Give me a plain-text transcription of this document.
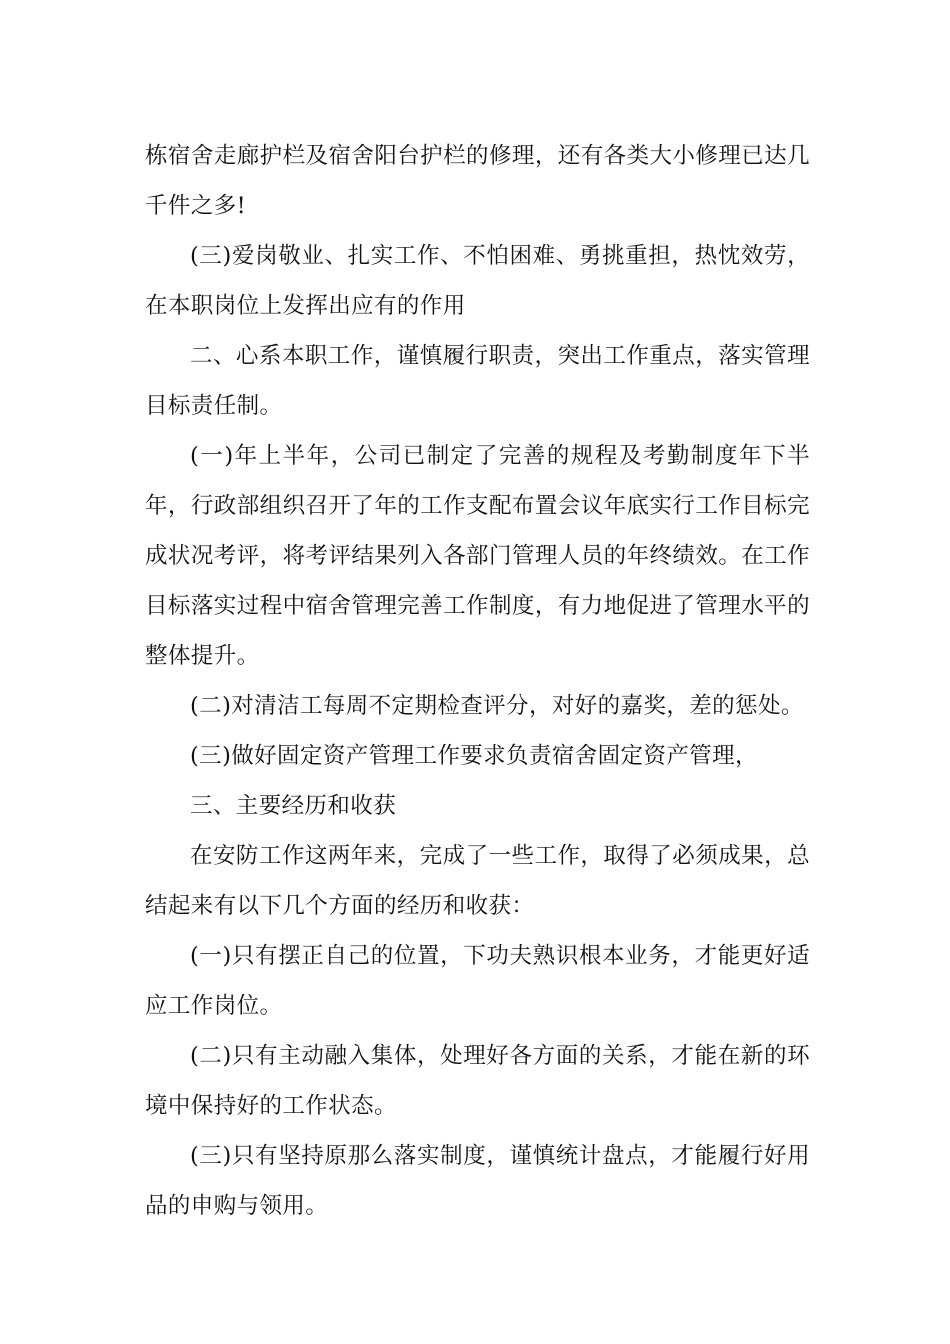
栋宿舍走廊护栏及宿舍阳台护栏的修理，还有各类大小修理已达几千件之多!

(三)爱岗敬业、扎实工作、不怕困难、勇挑重担，热忱效劳，在本职岗位上发挥出应有的作用

二、心系本职工作，谨慎履行职责，突出工作重点，落实管理目标责任制。

(一)年上半年，公司已制定了完善的规程及考勤制度年下半年，行政部组织召开了年的工作支配布置会议年底实行工作目标完成状况考评，将考评结果列入各部门管理人员的年终绩效。在工作目标落实过程中宿舍管理完善工作制度，有力地促进了管理水平的整体提升。

(二)对清洁工每周不定期检查评分，对好的嘉奖，差的惩处。

(三)做好固定资产管理工作要求负责宿舍固定资产管理，

三、主要经历和收获

在安防工作这两年来，完成了一些工作，取得了必须成果，总结起来有以下几个方面的经历和收获：

(一)只有摆正自己的位置，下功夫熟识根本业务，才能更好适应工作岗位。

(二)只有主动融入集体，处理好各方面的关系，才能在新的环境中保持好的工作状态。

(三)只有坚持原那么落实制度，谨慎统计盘点，才能履行好用品的申购与领用。
